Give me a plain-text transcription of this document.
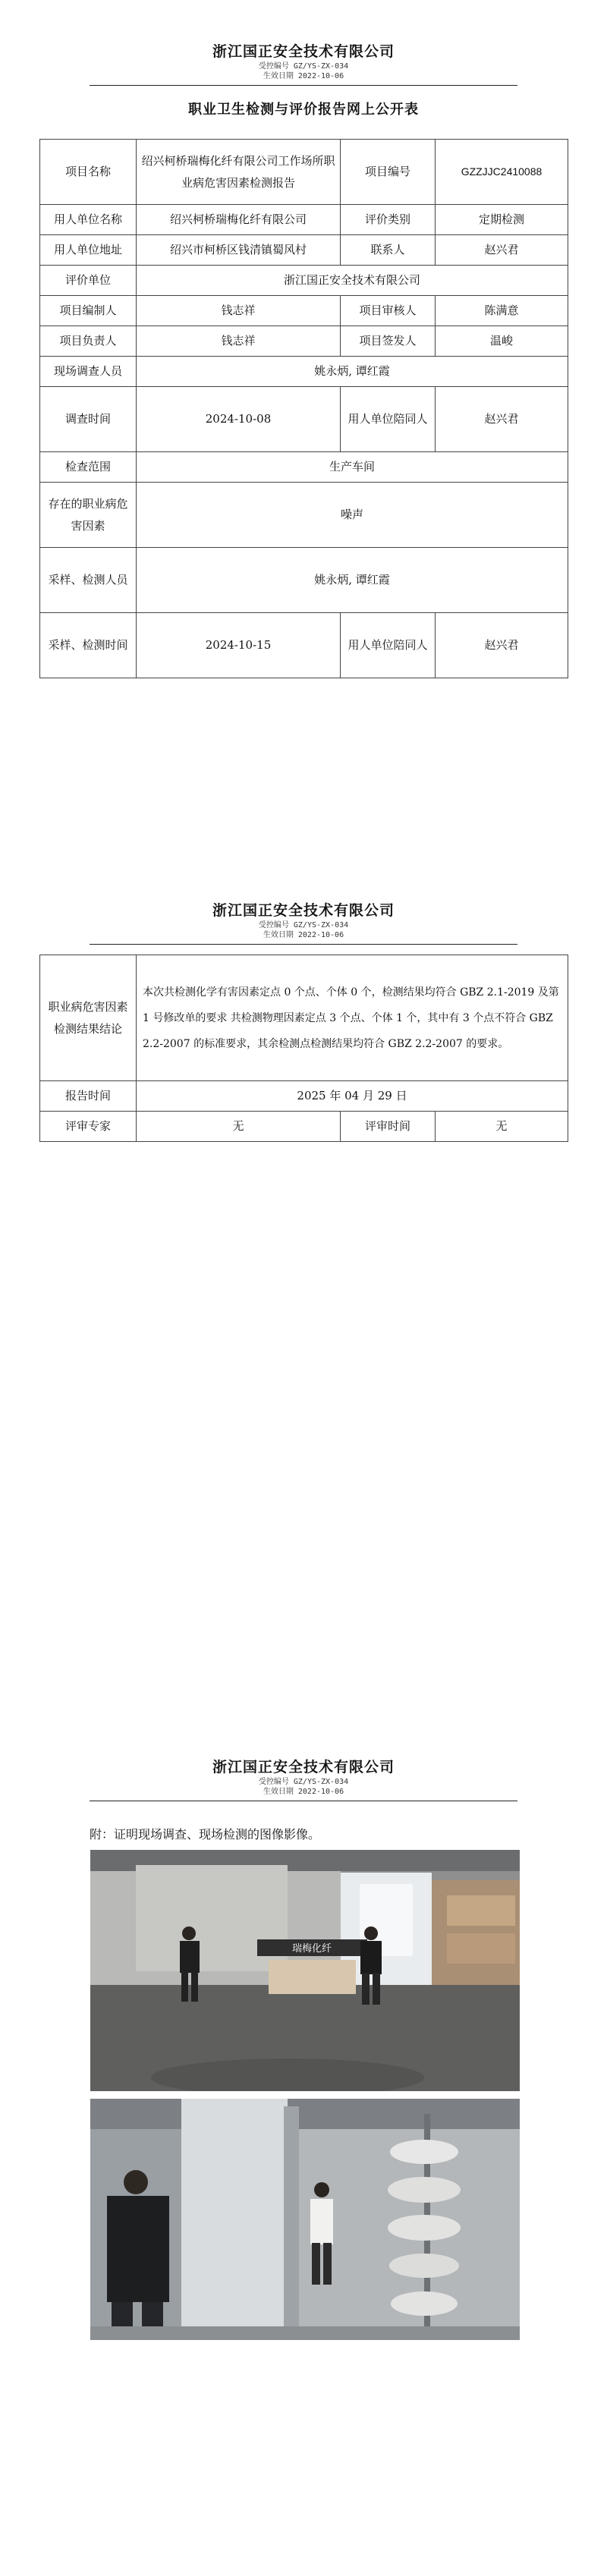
浙江国正安全技术有限公司
受控编号 GZ/YS-ZX-034
生效日期 2022-10-06
职业卫生检测与评价报告网上公开表
项目名称	绍兴柯桥瑞梅化纤有限公司工作场所职业病危害因素检测报告	项目编号	GZZJJC2410088
用人单位名称	绍兴柯桥瑞梅化纤有限公司	评价类别	定期检测
用人单位地址	绍兴市柯桥区钱清镇蜀风村	联系人	赵兴君
评价单位	浙江国正安全技术有限公司		
项目编制人	钱志祥	项目审核人	陈满意
项目负责人	钱志祥	项目签发人	温峻
现场调查人员	姚永炳, 谭红霞		
调查时间	2024-10-08	用人单位陪同人	赵兴君
检查范围	生产车间		
存在的职业病危害因素	噪声		
采样、检测人员	姚永炳, 谭红霞		
采样、检测时间	2024-10-15	用人单位陪同人	赵兴君
浙江国正安全技术有限公司
受控编号 GZ/YS-ZX-034
生效日期 2022-10-06
职业病危害因素检测结果结论	本次共检测化学有害因素定点 0 个点、个体 0 个，检测结果均符合 GBZ 2.1-2019 及第 1 号修改单的要求 共检测物理因素定点 3 个点、个体 1 个，其中有 3 个点不符合 GBZ 2.2-2007 的标准要求，其余检测点检测结果均符合 GBZ 2.2-2007 的要求。		
报告时间	2025 年 04 月 29 日		
评审专家	无	评审时间	无
浙江国正安全技术有限公司
受控编号 GZ/YS-ZX-034
生效日期 2022-10-06
附：证明现场调查、现场检测的图像影像。
瑞梅化纤
